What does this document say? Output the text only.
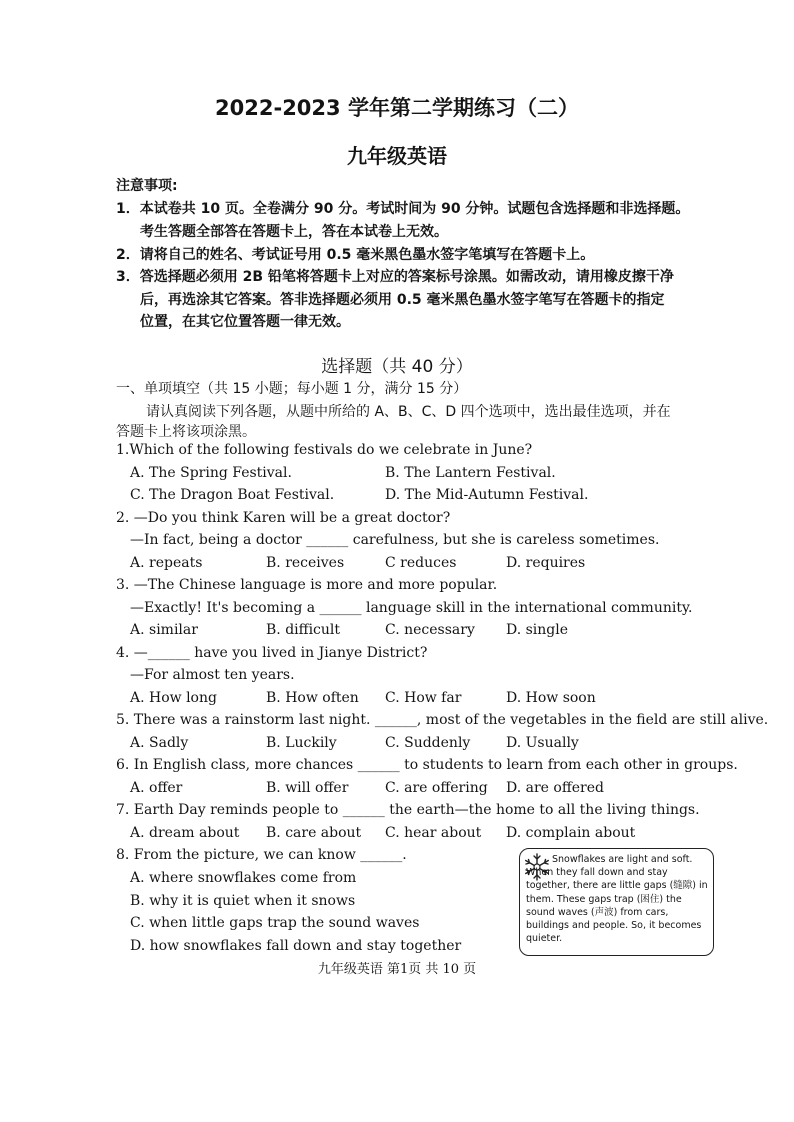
2022-2023 学年第二学期练习（二）
九年级英语
注意事项:
1．本试卷共 10 页。全卷满分 90 分。考试时间为 90 分钟。试题包含选择题和非选择题。
考生答题全部答在答题卡上，答在本试卷上无效。
2．请将自己的姓名、考试证号用 0.5 毫米黑色墨水签字笔填写在答题卡上。
3．答选择题必须用 2B 铅笔将答题卡上对应的答案标号涂黑。如需改动，请用橡皮擦干净
后，再选涂其它答案。答非选择题必须用 0.5 毫米黑色墨水签字笔写在答题卡的指定
位置，在其它位置答题一律无效。
选择题（共 40 分）
一、单项填空（共 15 小题；每小题 1 分，满分 15 分）
请认真阅读下列各题，从题中所给的 A、B、C、D 四个选项中，选出最佳选项，并在
答题卡上将该项涂黑。
1.Which of the following festivals do we celebrate in June?
A. The Spring Festival.	B. The Lantern Festival.
C. The Dragon Boat Festival.	D. The Mid-Autumn Festival.
2. —Do you think Karen will be a great doctor?
—In fact, being a doctor ______ carefulness, but she is careless sometimes.
A. repeats	B. receives	C reduces	D. requires
3. —The Chinese language is more and more popular.
—Exactly! It's becoming a ______ language skill in the international community.
A. similar	B. difficult	C. necessary D. single
4. —______ have you lived in Jianye District?
—For almost ten years.
A. How long	B. How often C. How far	D. How soon
5. There was a rainstorm last night. ______, most of the vegetables in the field are still alive.
A. Sadly	B. Luckily	C. Suddenly	D. Usually
6. In English class, more chances ______ to students to learn from each other in groups.
A. offer	B. will offer	C. are offering D. are offered
7. Earth Day reminds people to ______ the earth—the home to all the living things.
A. dream about B. care about C. hear about D. complain about
8. From the picture, we can know ______.
A. where snowflakes come from
B. why it is quiet when it snows
C. when little gaps trap the sound waves
D. how snowflakes fall down and stay together
Snowflakes are light and soft. When they fall down and stay together, there are little gaps (缝隙) in them. These gaps trap (困住) the sound waves (声波) from cars, buildings and people. So, it becomes quieter.
九年级英语 第1页 共 10 页
